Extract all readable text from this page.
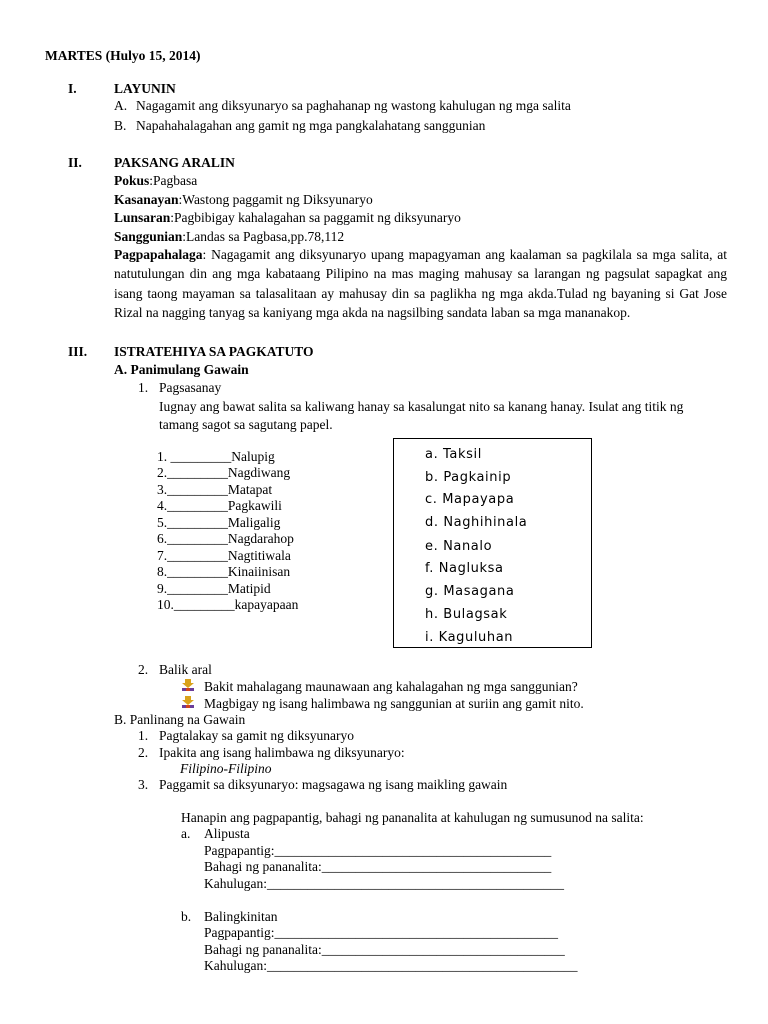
MARTES (Hulyo 15, 2014)
I.	LAYUNIN
A. Nagagamit ang diksyunaryo sa paghahanap ng wastong kahulugan ng mga salita
B. Napahahalagahan ang gamit ng mga pangkalahatang sanggunian
II. PAKSANG ARALIN
Pokus:Pagbasa
Kasanayan:Wastong paggamit ng Diksyunaryo
Lunsaran:Pagbibigay kahalagahan sa paggamit ng diksyunaryo
Sanggunian:Landas sa Pagbasa,pp.78,112
Pagpapahalaga: Nagagamit ang diksyunaryo upang mapagyaman ang kaalaman sa pagkilala sa mga salita, at natutulungan din ang mga kabataang Pilipino na mas maging mahusay sa larangan ng pagsulat sapagkat ang isang taong mayaman sa talasalitaan ay mahusay din sa paglikha ng mga akda.Tulad ng bayaning si Gat Jose Rizal na nagging tanyag sa kaniyang mga akda na nagsilbing sandata laban sa mga mananakop.
III. ISTRATEHIYA SA PAGKATUTO
A. Panimulang Gawain
1. Pagsasanay
Iugnay ang bawat salita sa kaliwang hanay sa kasalungat nito sa kanang hanay. Isulat ang titik ng
tamang sagot sa sagutang papel.
1. _________Nalupig
2._________Nagdiwang
3._________Matapat
4._________Pagkawili
5._________Maligalig
6._________Nagdarahop
7._________Nagtitiwala
8._________Kinaiinisan
9._________Matipid
10._________kapayapaan
a. Taksil
b. Pagkainip
c. Mapayapa
d. Naghihinala
e. Nanalo
f. Nagluksa
g. Masagana
h. Bulagsak
i. Kaguluhan
2. Balik aral
Bakit mahalagang maunawaan ang kahalagahan ng mga sanggunian?
Magbigay ng isang halimbawa ng sanggunian at suriin ang gamit nito.
B. Panlinang na Gawain
1. Pagtalakay sa gamit ng diksyunaryo
2. Ipakita ang isang halimbawa ng diksyunaryo:
Filipino-Filipino
3. Paggamit sa diksyunaryo: magsagawa ng isang maikling gawain
Hanapin ang pagpapantig, bahagi ng pananalita at kahulugan ng sumusunod na salita:
a. Alipusta
Pagpapantig:_________________________________________
Bahagi ng pananalita:__________________________________
Kahulugan:____________________________________________
b. Balingkinitan
Pagpapantig:__________________________________________
Bahagi ng pananalita:____________________________________
Kahulugan:______________________________________________
